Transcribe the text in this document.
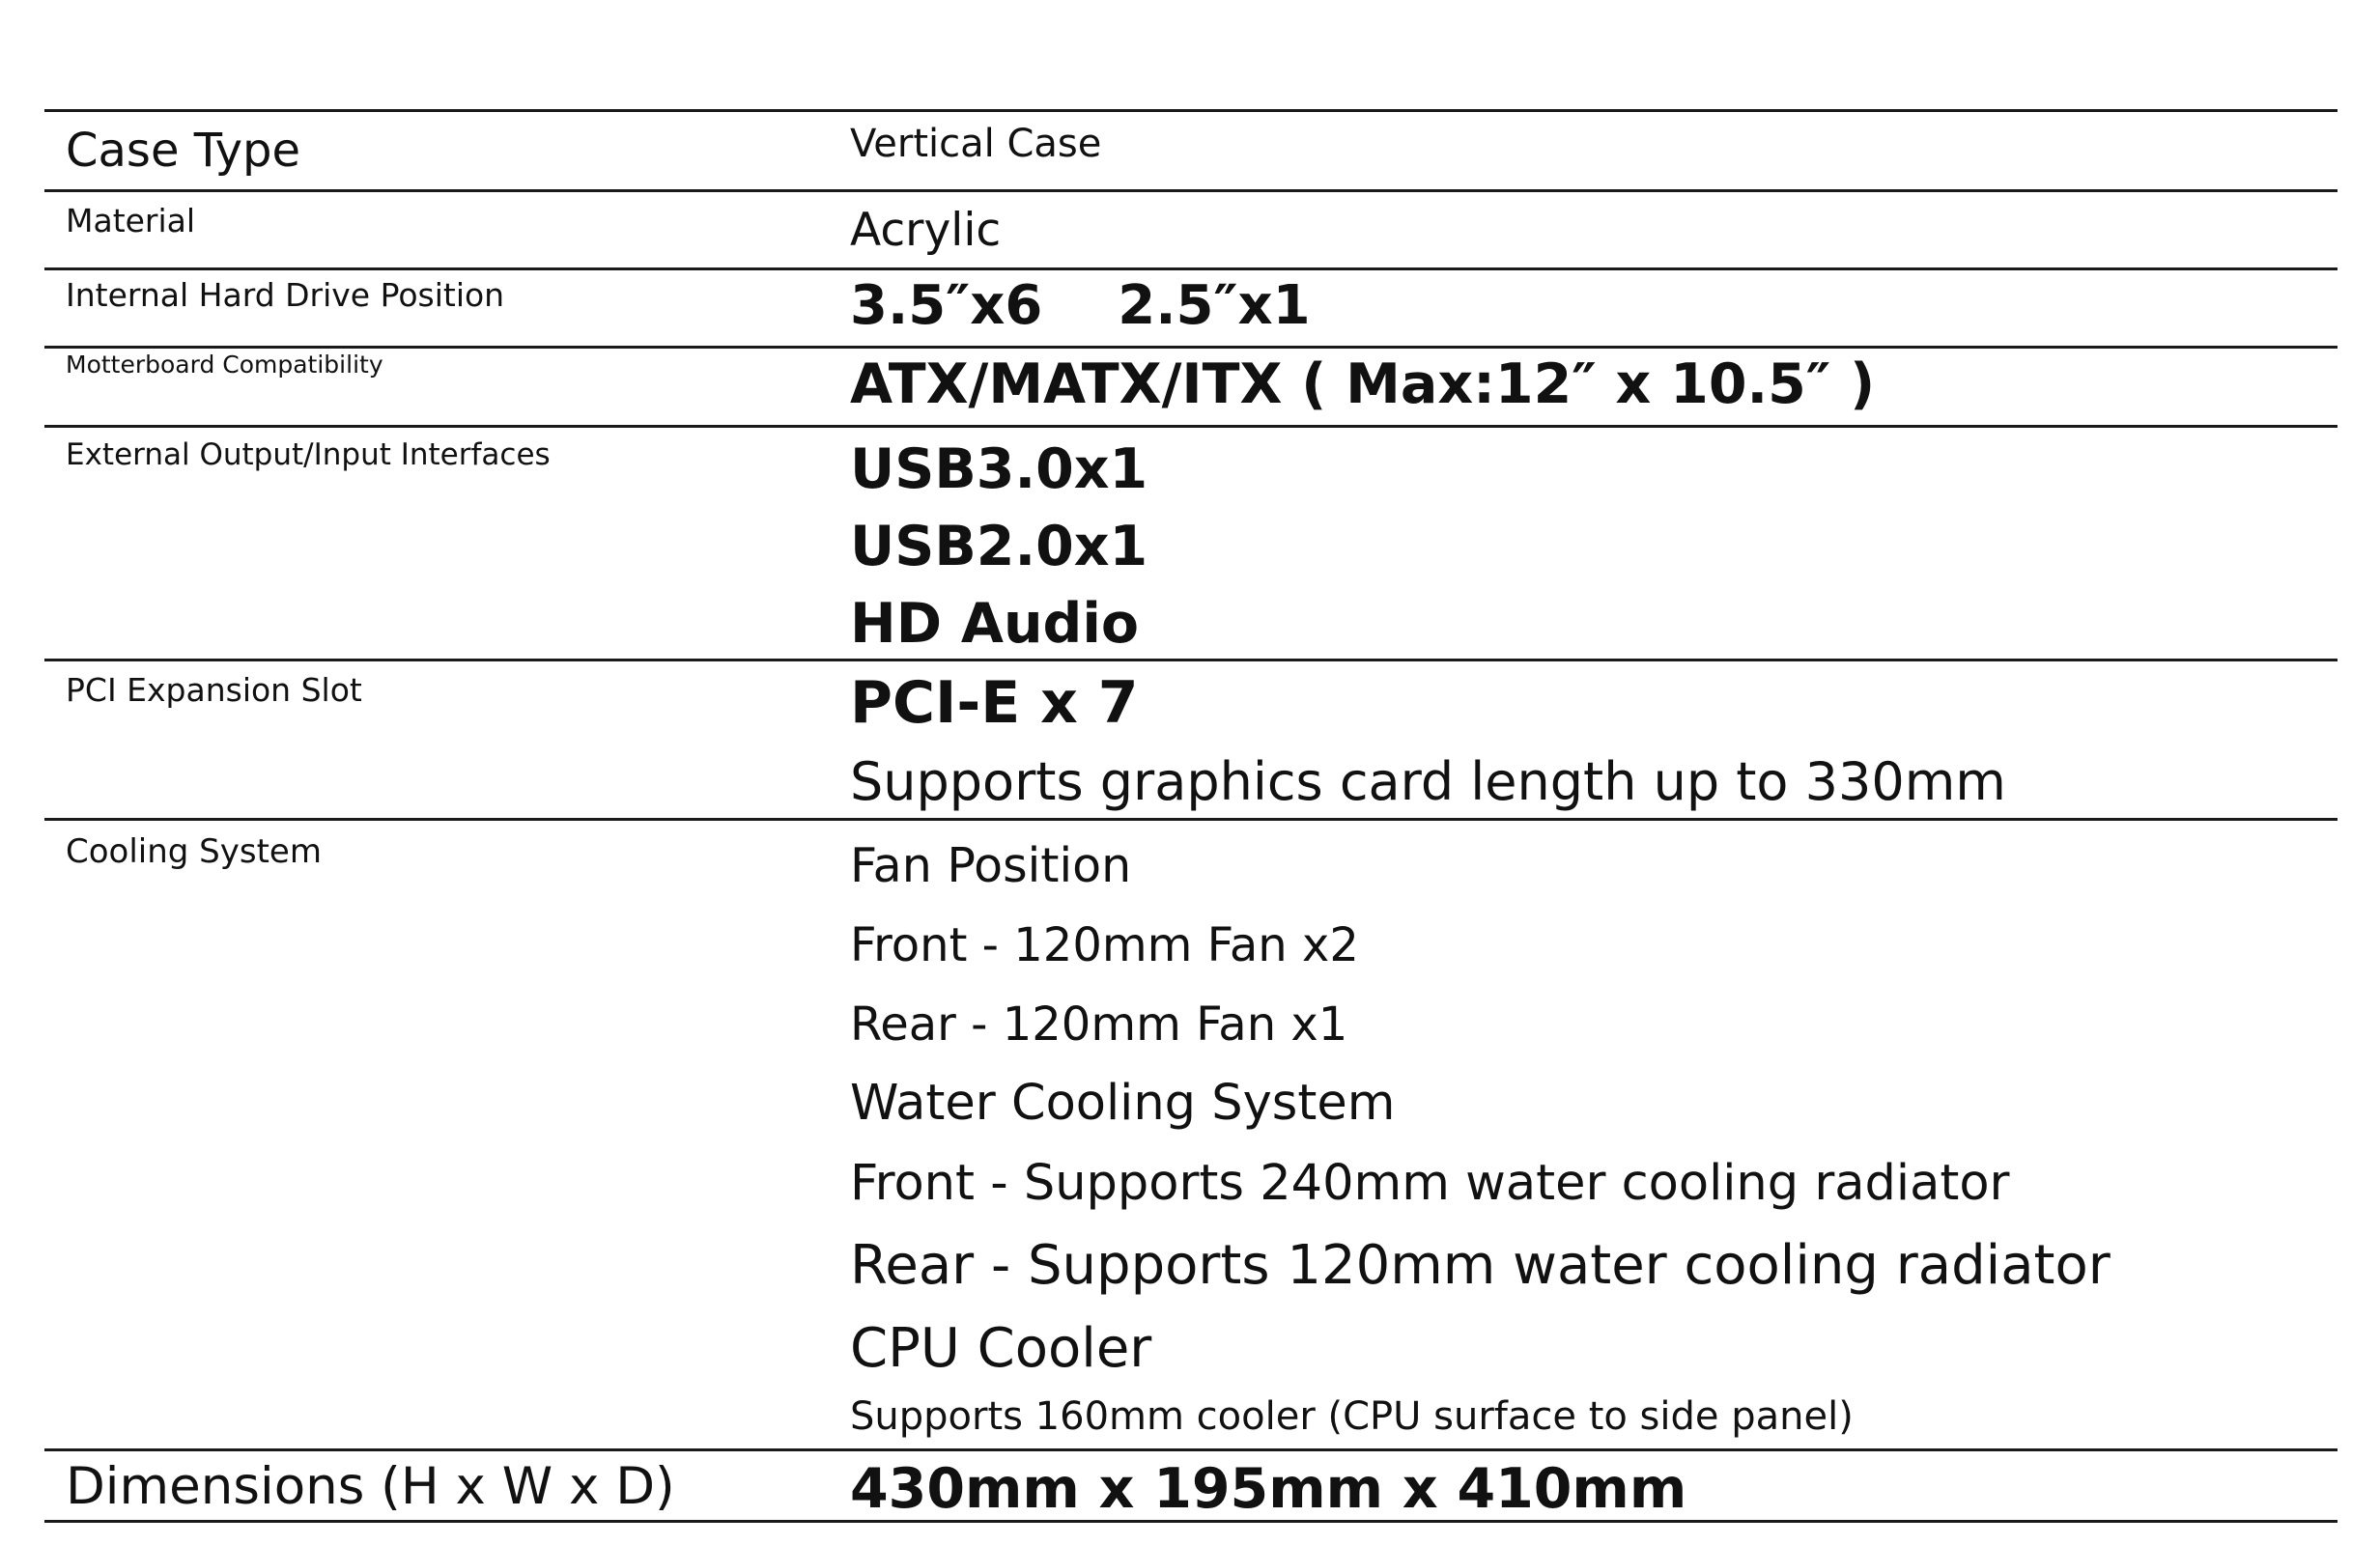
Case Type	Vertical Case
Material	Acrylic
Internal Hard Drive Position	3.5″x6    2.5″x1
Motterboard Compatibility	ATX/MATX/ITX ( Max:12″ x 10.5″ )
External Output/Input Interfaces	USB3.0x1
USB2.0x1
HD Audio
PCI Expansion Slot	PCI-E x 7
Supports graphics card length up to 330mm
Cooling System	Fan Position
Front - 120mm Fan x2
Rear - 120mm Fan x1
Water Cooling System
Front - Supports 240mm water cooling radiator
Rear - Supports 120mm water cooling radiator
CPU Cooler
Supports 160mm cooler (CPU surface to side panel)
Dimensions (H x W x D)	430mm x 195mm x 410mm
